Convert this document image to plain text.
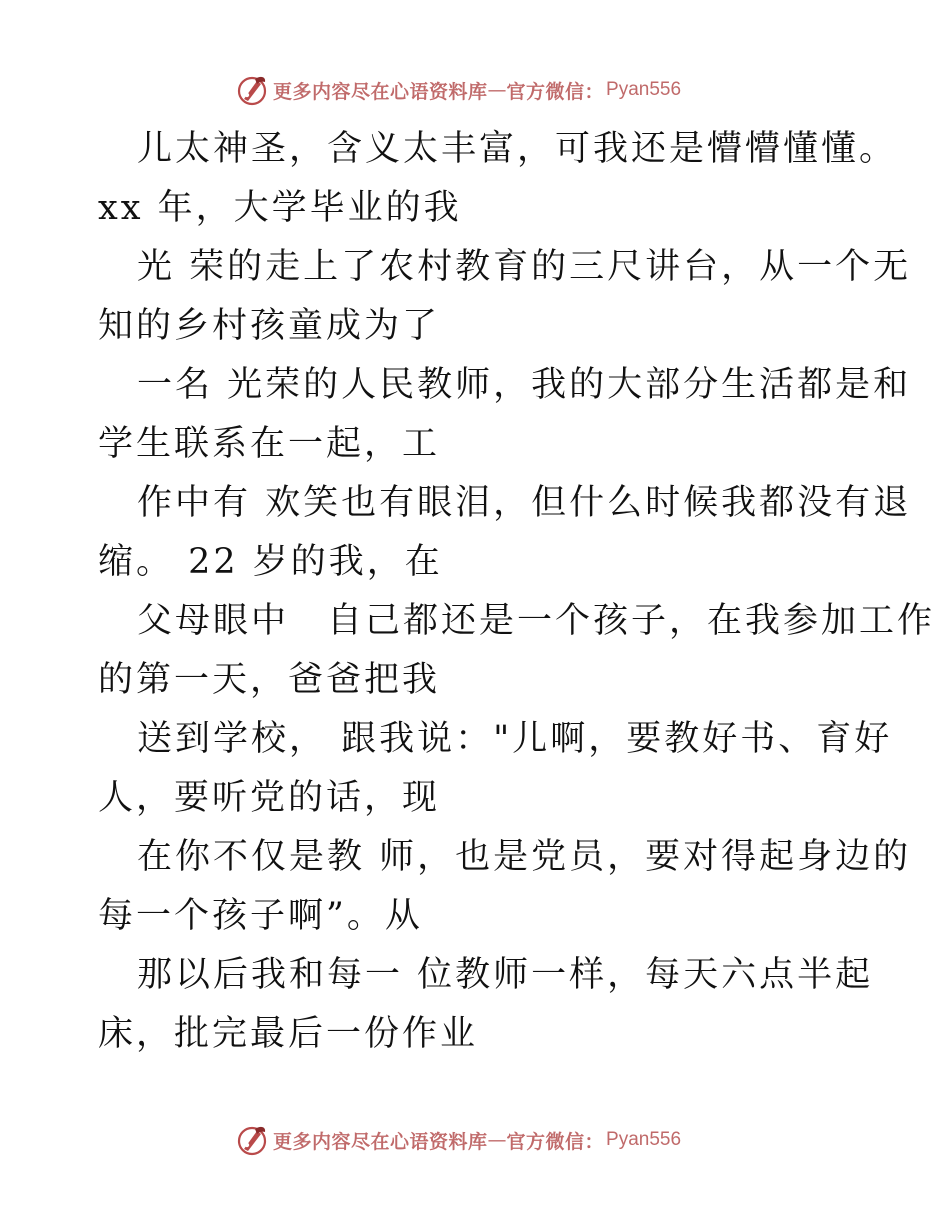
更多内容尽在心语资料库 — 官方微信： Pyan556
儿太神圣，含义太丰富，可我还是懵懵懂懂。
xx 年，大学毕业的我
光 荣的走上了农村教育的三尺讲台，从一个无
知的乡村孩童成为了
一名 光荣的人民教师，我的大部分生活都是和
学生联系在一起，工
作中有 欢笑也有眼泪，但什么时候我都没有退
缩。 22 岁的我，在
父母眼中　自己都还是一个孩子，在我参加工作
的第一天，爸爸把我
送到学校， 跟我说："儿啊，要教好书、育好
人，要听党的话，现
在你不仅是教 师，也是党员，要对得起身边的
每一个孩子啊”。从
那以后我和每一 位教师一样，每天六点半起
床，批完最后一份作业
更多内容尽在心语资料库 — 官方微信： Pyan556
